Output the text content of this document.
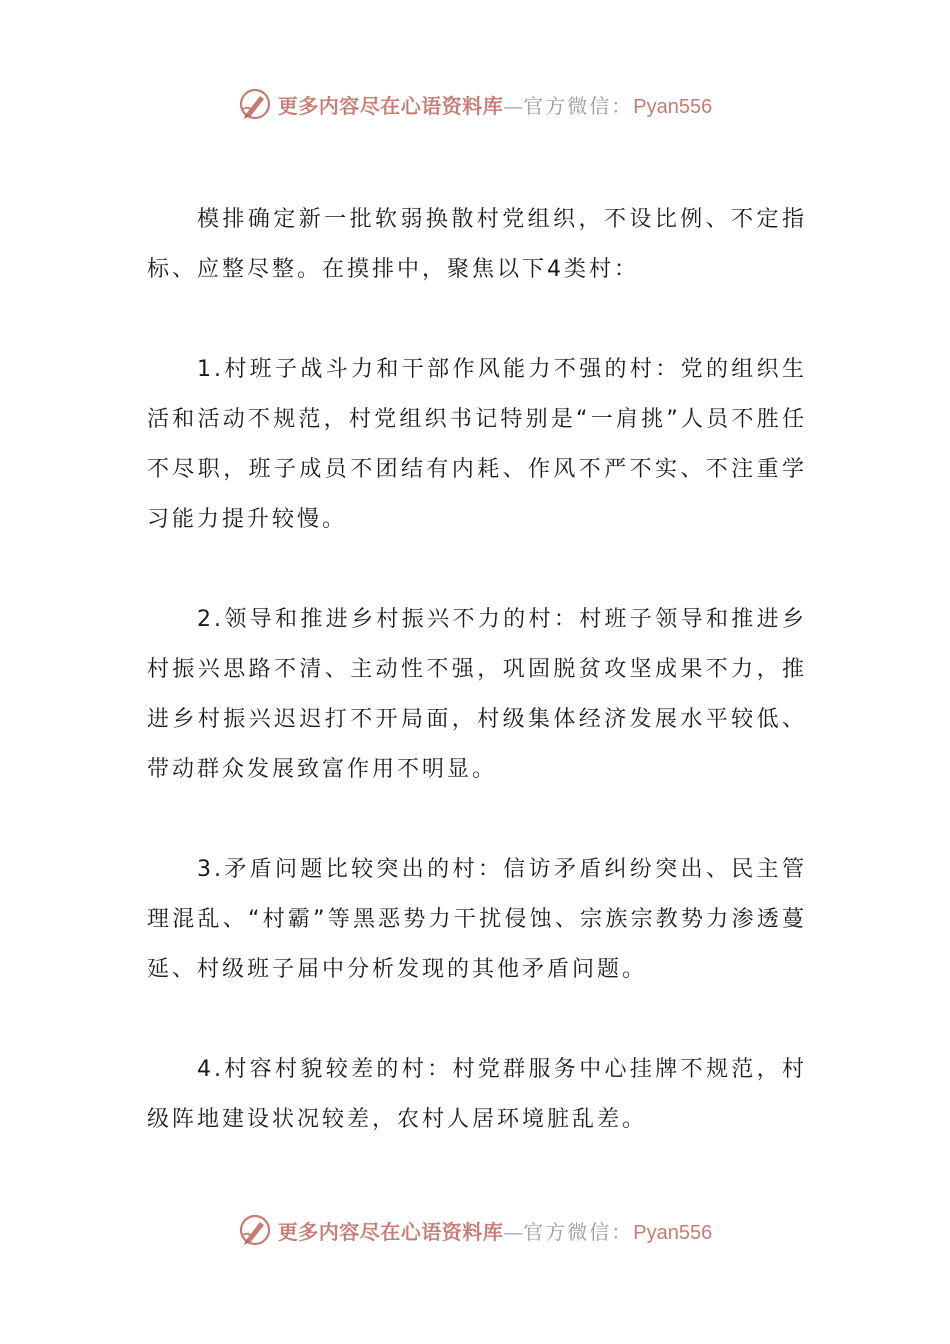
更多内容尽在心语资料库 — 官方微信： Pyan556

模排确定新一批软弱换散村党组织，不设比例、不定指标、应整尽整。在摸排中，聚焦以下4类村：

1.村班子战斗力和干部作风能力不强的村：党的组织生活和活动不规范，村党组织书记特别是“一肩挑”人员不胜任不尽职，班子成员不团结有内耗、作风不严不实、不注重学习能力提升较慢。

2.领导和推进乡村振兴不力的村：村班子领导和推进乡村振兴思路不清、主动性不强，巩固脱贫攻坚成果不力，推进乡村振兴迟迟打不开局面，村级集体经济发展水平较低、带动群众发展致富作用不明显。

3.矛盾问题比较突出的村：信访矛盾纠纷突出、民主管理混乱、“村霸”等黑恶势力干扰侵蚀、宗族宗教势力渗透蔓延、村级班子届中分析发现的其他矛盾问题。

4.村容村貌较差的村：村党群服务中心挂牌不规范，村级阵地建设状况较差，农村人居环境脏乱差。

更多内容尽在心语资料库 — 官方微信： Pyan556
